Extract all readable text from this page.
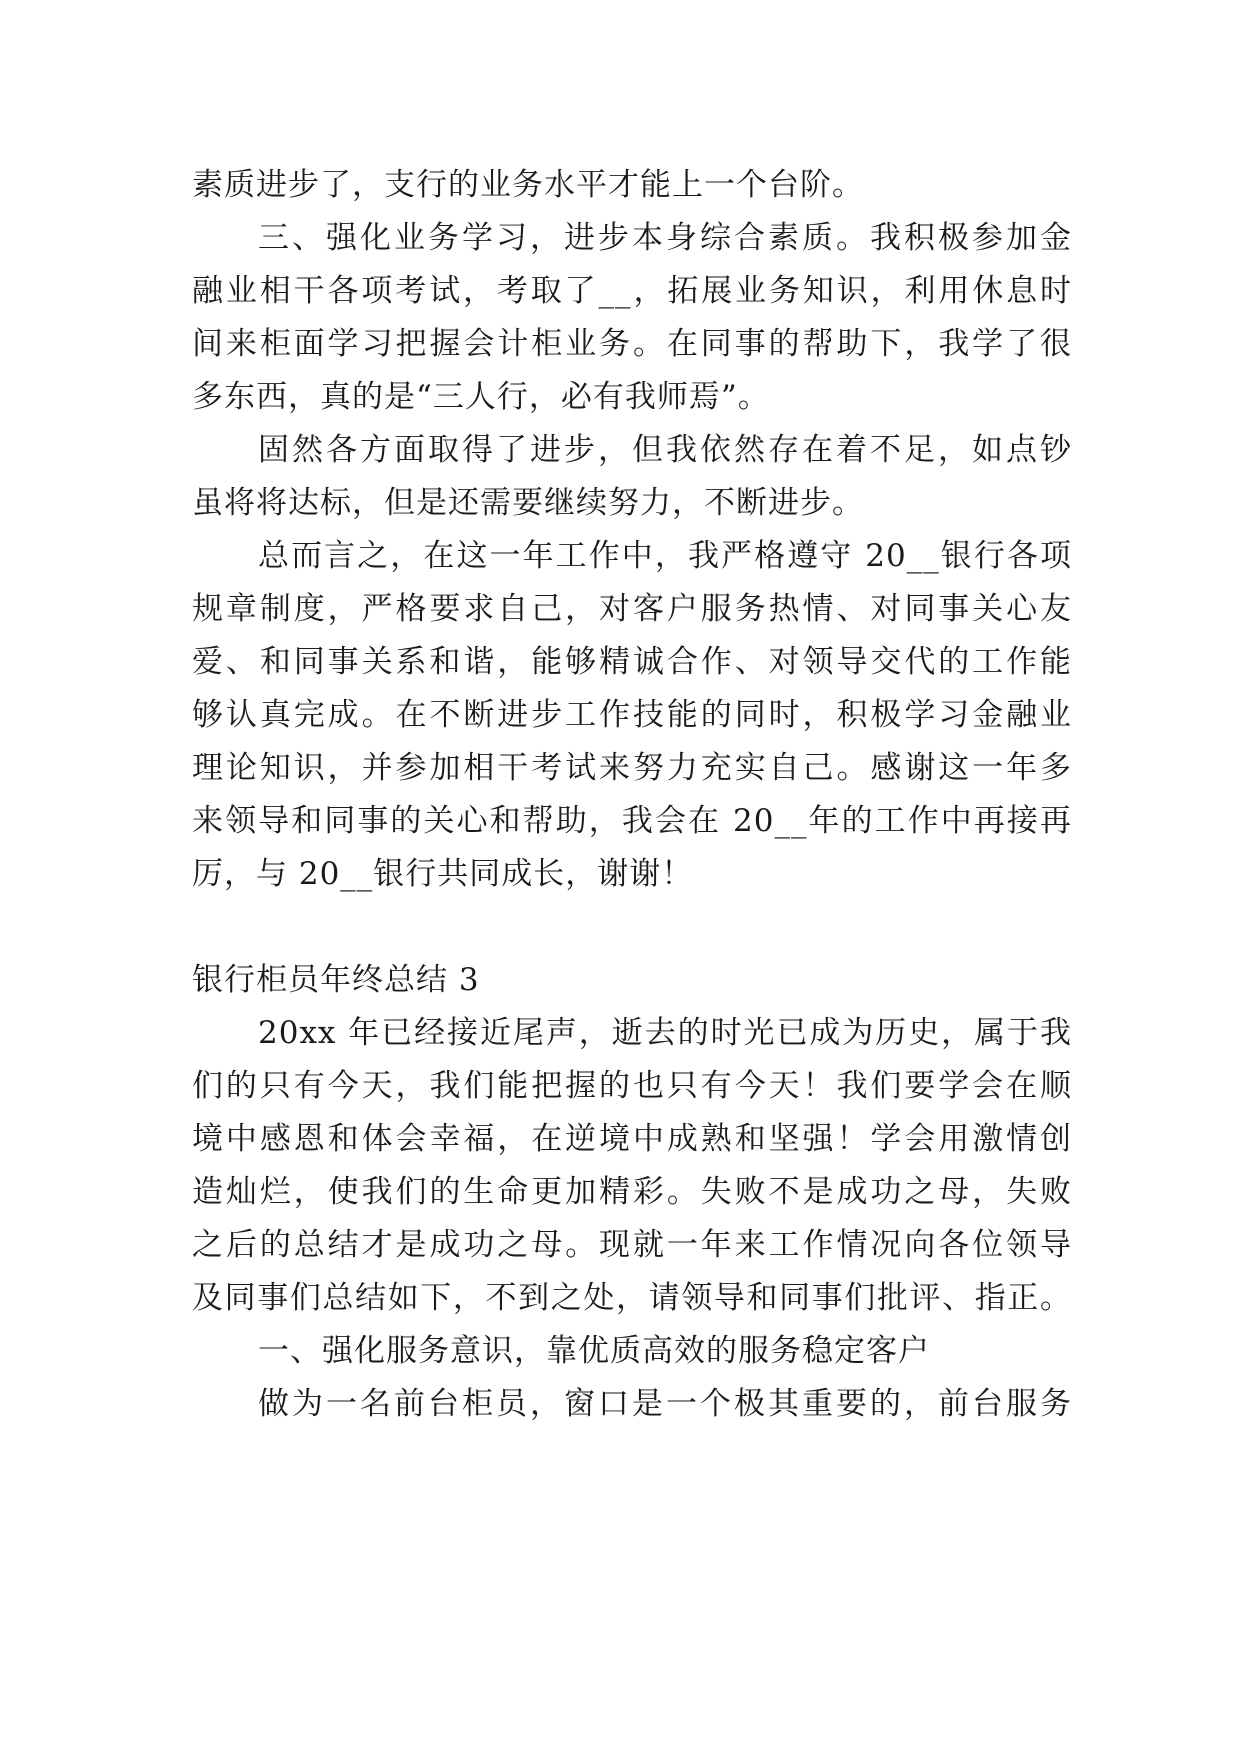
素质进步了，支行的业务水平才能上一个台阶。
三、强化业务学习，进步本身综合素质。我积极参加金
融业相干各项考试，考取了__，拓展业务知识，利用休息时
间来柜面学习把握会计柜业务。在同事的帮助下，我学了很
多东西，真的是“三人行，必有我师焉”。
固然各方面取得了进步，但我依然存在着不足，如点钞
虽将将达标，但是还需要继续努力，不断进步。
总而言之，在这一年工作中，我严格遵守 20__银行各项
规章制度，严格要求自己，对客户服务热情、对同事关心友
爱、和同事关系和谐，能够精诚合作、对领导交代的工作能
够认真完成。在不断进步工作技能的同时，积极学习金融业
理论知识，并参加相干考试来努力充实自己。感谢这一年多
来领导和同事的关心和帮助，我会在 20__年的工作中再接再
厉，与 20__银行共同成长，谢谢！
银行柜员年终总结 3
20xx 年已经接近尾声，逝去的时光已成为历史，属于我
们的只有今天，我们能把握的也只有今天！我们要学会在顺
境中感恩和体会幸福，在逆境中成熟和坚强！学会用激情创
造灿烂，使我们的生命更加精彩。失败不是成功之母，失败
之后的总结才是成功之母。现就一年来工作情况向各位领导
及同事们总结如下，不到之处，请领导和同事们批评、指正。
一、强化服务意识，靠优质高效的服务稳定客户
做为一名前台柜员，窗口是一个极其重要的，前台服务
